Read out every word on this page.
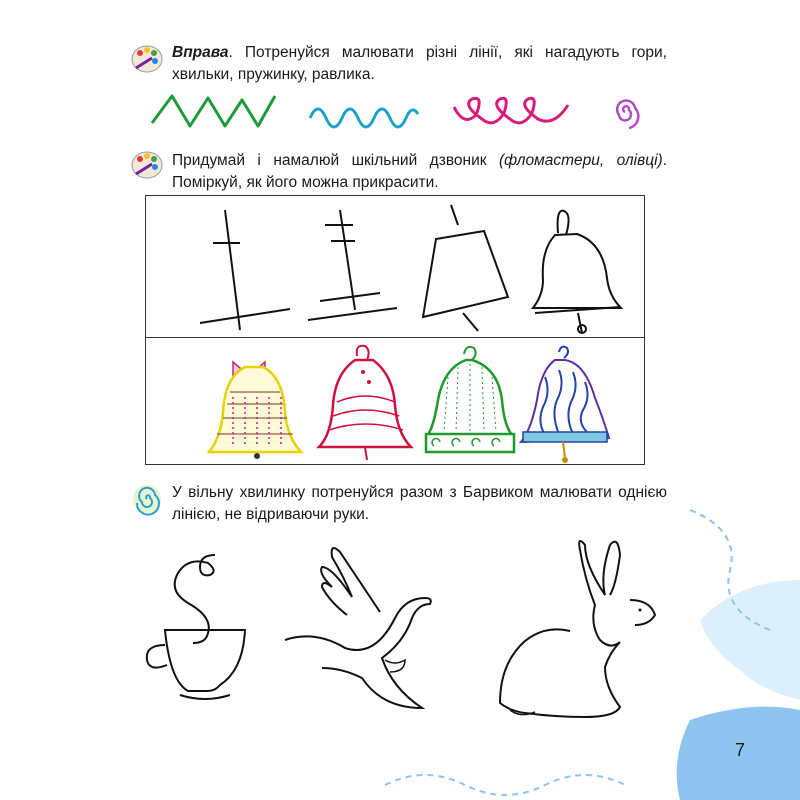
Вправа. Потренуйся малювати різні лінії, які нагадують гори, хвильки, пружинку, равлика.
Придумай і намалюй шкільний дзвоник (фломастери, олівці). Поміркуй, як його можна прикрасити.
У вільну хвилинку потренуйся разом з Барвиком малювати однією лінією, не відриваючи руки.
7
